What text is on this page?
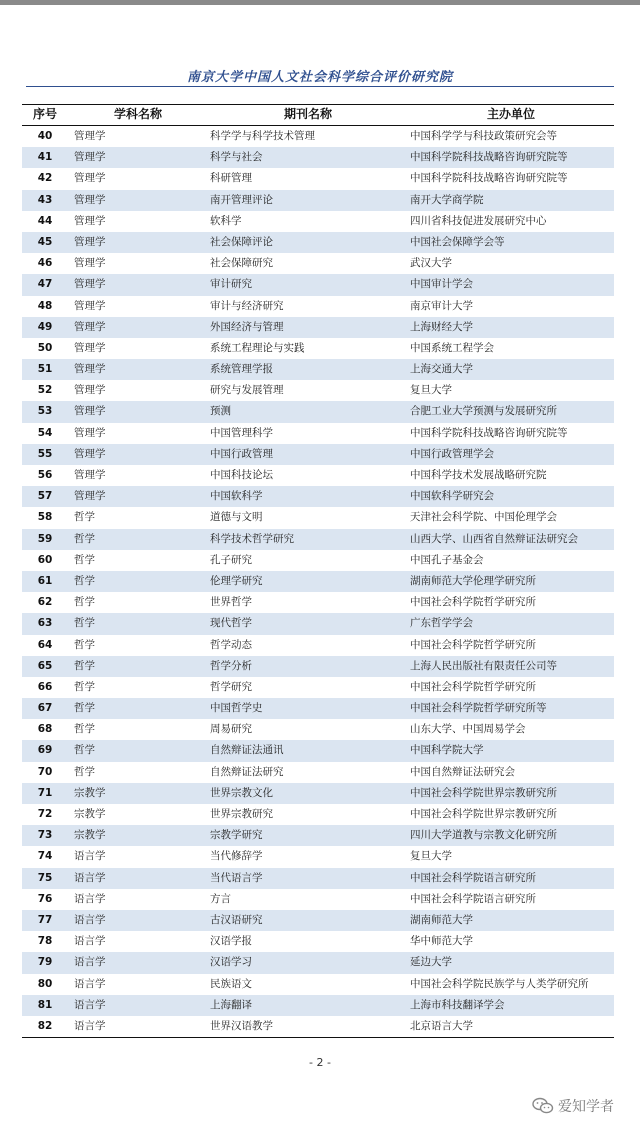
南京大学中国人文社会科学综合评价研究院
序号	学科名称	期刊名称	主办单位
40	管理学	科学学与科学技术管理	中国科学学与科技政策研究会等
41	管理学	科学与社会	中国科学院科技战略咨询研究院等
42	管理学	科研管理	中国科学院科技战略咨询研究院等
43	管理学	南开管理评论	南开大学商学院
44	管理学	软科学	四川省科技促进发展研究中心
45	管理学	社会保障评论	中国社会保障学会等
46	管理学	社会保障研究	武汉大学
47	管理学	审计研究	中国审计学会
48	管理学	审计与经济研究	南京审计大学
49	管理学	外国经济与管理	上海财经大学
50	管理学	系统工程理论与实践	中国系统工程学会
51	管理学	系统管理学报	上海交通大学
52	管理学	研究与发展管理	复旦大学
53	管理学	预测	合肥工业大学预测与发展研究所
54	管理学	中国管理科学	中国科学院科技战略咨询研究院等
55	管理学	中国行政管理	中国行政管理学会
56	管理学	中国科技论坛	中国科学技术发展战略研究院
57	管理学	中国软科学	中国软科学研究会
58	哲学	道德与文明	天津社会科学院、中国伦理学会
59	哲学	科学技术哲学研究	山西大学、山西省自然辩证法研究会
60	哲学	孔子研究	中国孔子基金会
61	哲学	伦理学研究	湖南师范大学伦理学研究所
62	哲学	世界哲学	中国社会科学院哲学研究所
63	哲学	现代哲学	广东哲学学会
64	哲学	哲学动态	中国社会科学院哲学研究所
65	哲学	哲学分析	上海人民出版社有限责任公司等
66	哲学	哲学研究	中国社会科学院哲学研究所
67	哲学	中国哲学史	中国社会科学院哲学研究所等
68	哲学	周易研究	山东大学、中国周易学会
69	哲学	自然辩证法通讯	中国科学院大学
70	哲学	自然辩证法研究	中国自然辩证法研究会
71	宗教学	世界宗教文化	中国社会科学院世界宗教研究所
72	宗教学	世界宗教研究	中国社会科学院世界宗教研究所
73	宗教学	宗教学研究	四川大学道教与宗教文化研究所
74	语言学	当代修辞学	复旦大学
75	语言学	当代语言学	中国社会科学院语言研究所
76	语言学	方言	中国社会科学院语言研究所
77	语言学	古汉语研究	湖南师范大学
78	语言学	汉语学报	华中师范大学
79	语言学	汉语学习	延边大学
80	语言学	民族语文	中国社会科学院民族学与人类学研究所
81	语言学	上海翻译	上海市科技翻译学会
82	语言学	世界汉语教学	北京语言大学
- 2 -
爱知学者
